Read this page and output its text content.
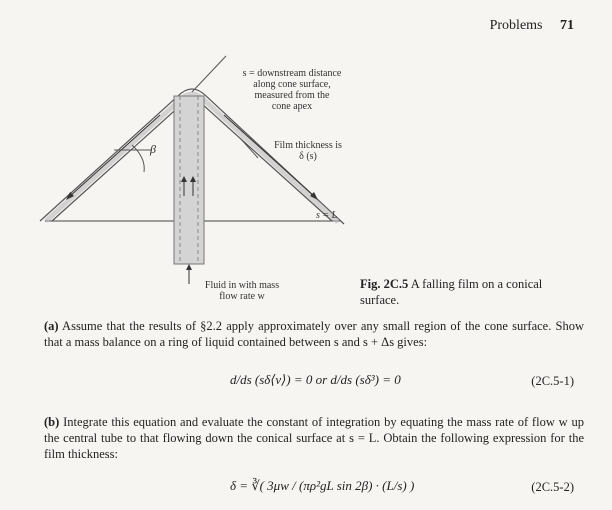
Problems 71
s = downstream distance
along cone surface,
measured from the
cone apex
Film thickness is
δ (s)
s = L
β
Fluid in with mass
flow rate w
Fig. 2C.5 A falling film on a conical surface.
(a) Assume that the results of §2.2 apply approximately over any small region of the cone surface. Show that a mass balance on a ring of liquid contained between s and s + Δs gives:
d/ds (sδ⟨v⟩) = 0 or d/ds (sδ³) = 0	(2C.5-1)
(b) Integrate this equation and evaluate the constant of integration by equating the mass rate of flow w up the central tube to that flowing down the conical surface at s = L. Obtain the following expression for the film thickness:
δ = ∛( 3μw / (πρ²gL sin 2β) · (L/s) )	(2C.5-2)
